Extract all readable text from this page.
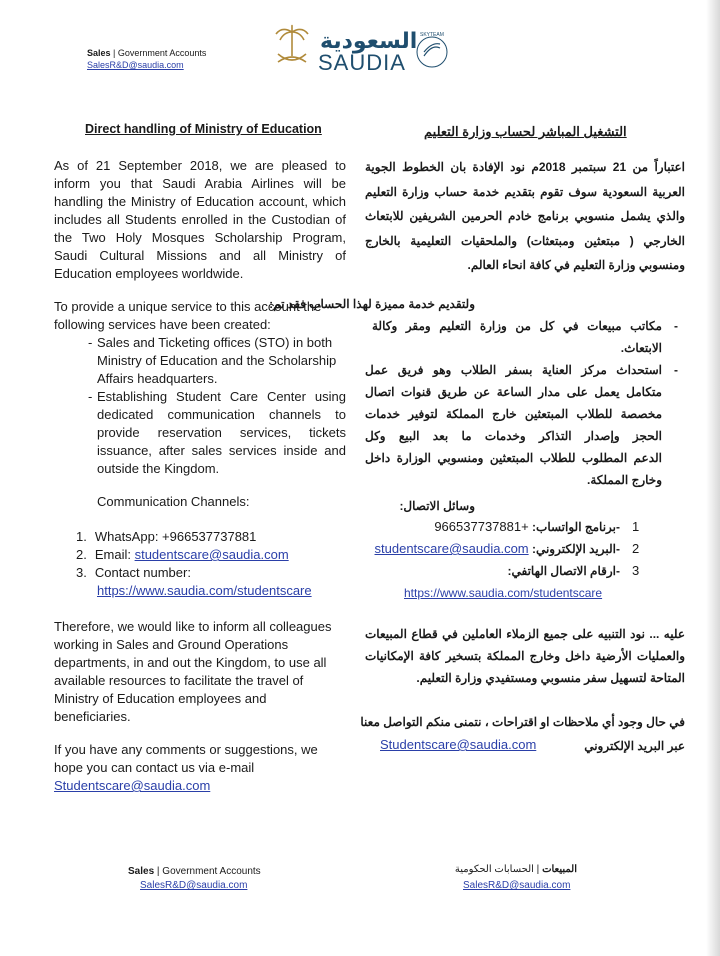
Sales | Government Accounts
SalesR&D@saudia.com
السعودية
SAUDIA
SKYTEAM
Direct handling of Ministry of Education
As of 21 September 2018, we are pleased to
inform you that Saudi Arabia Airlines will be
handling the Ministry of Education account, which
includes all Students enrolled in the Custodian of
the Two Holy Mosques Scholarship Program,
Saudi Cultural Missions and all Ministry of
Education employees worldwide.
To provide a unique service to this account the
following services have been created:
-
-
Sales and Ticketing offices (STO) in both
Ministry of Education and the Scholarship
Affairs headquarters.
Establishing Student Care Center using
dedicated communication channels to
provide reservation services, tickets
issuance, after sales services inside and
outside the Kingdom.
Communication Channels:
1. WhatsApp: +966537737881
2. Email: studentscare@saudia.com
3. Contact number:
https://www.saudia.com/studentscare
Therefore, we would like to inform all colleagues
working in Sales and Ground Operations
departments, in and out the Kingdom, to use all
available resources to facilitate the travel of
Ministry of Education employees and
beneficiaries.
If you have any comments or suggestions, we
hope you can contact us via e-mail
Studentscare@saudia.com
التشغيل المباشر لحساب وزارة التعليم
اعتباراً من 21 سبتمبر 2018م نود الإفادة بان الخطوط الجوية
العربية السعودية سوف تقوم بتقديم خدمة حساب وزارة التعليم
والذي يشمل منسوبي برنامج خادم الحرمين الشريفين للابتعاث
الخارجي ( مبتعثين ومبتعثات) والملحقيات التعليمية بالخارج
ومنسوبي وزارة التعليم في كافة انحاء العالم.
ولتقديم خدمة مميزة لهذا الحساب فقد تم:
-
-
مكاتب مبيعات في كل من وزارة التعليم ومقر وكالة
الابتعاث.
استحداث مركز العناية بسفر الطلاب وهو فريق عمل
متكامل يعمل على مدار الساعة عن طريق قنوات اتصال
مخصصة للطلاب المبتعثين خارج المملكة لتوفير خدمات
الحجز وإصدار التذاكر وخدمات ما بعد البيع وكل
الدعم المطلوب للطلاب المبتعثين ومنسوبي الوزارة داخل
وخارج المملكة.
وسائل الاتصال:
1
-برنامج الواتساب: +966537737881
2
-البريد الإلكتروني: studentscare@saudia.com
3
-ارقام الاتصال الهاتفي:
https://www.saudia.com/studentscare
عليه ... نود التنبيه على جميع الزملاء العاملين في قطاع المبيعات
والعمليات الأرضية داخل وخارج المملكة بتسخير كافة الإمكانيات
المتاحة لتسهيل سفر منسوبي ومستفيدي وزارة التعليم.
في حال وجود أي ملاحظات او اقتراحات ، نتمنى منكم التواصل معنا
عبر البريد الإلكتروني
Studentscare@saudia.com
Sales | Government Accounts
SalesR&D@saudia.com
المبيعات | الحسابات الحكومية
SalesR&D@saudia.com
